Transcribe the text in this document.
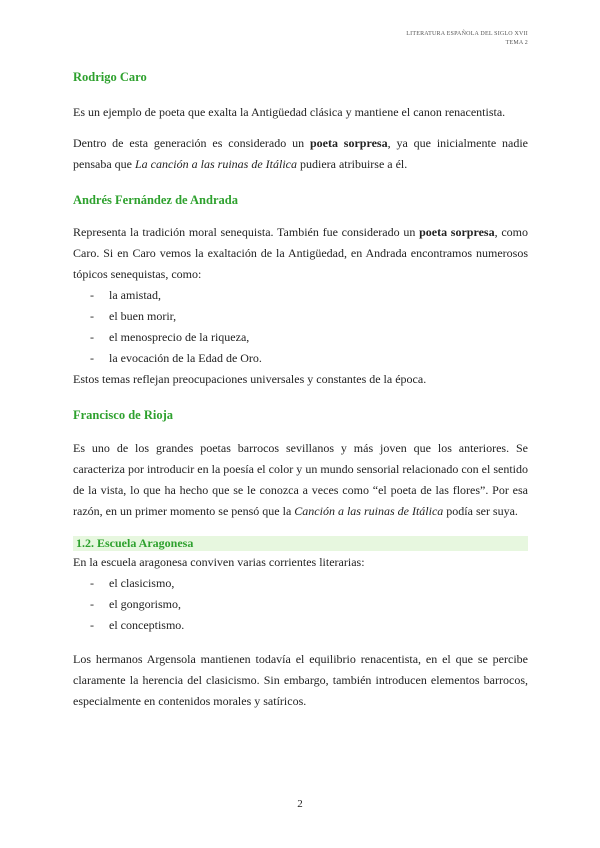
LITERATURA ESPAÑOLA DEL SIGLO XVII
TEMA 2
Rodrigo Caro

Es un ejemplo de poeta que exalta la Antigüedad clásica y mantiene el canon renacentista.

Dentro de esta generación es considerado un poeta sorpresa, ya que inicialmente nadie pensaba que La canción a las ruinas de Itálica pudiera atribuirse a él.

Andrés Fernández de Andrada

Representa la tradición moral senequista. También fue considerado un poeta sorpresa, como Caro. Si en Caro vemos la exaltación de la Antigüedad, en Andrada encontramos numerosos tópicos senequistas, como:

- la amistad,
- el buen morir,
- el menosprecio de la riqueza,
- la evocación de la Edad de Oro.

Estos temas reflejan preocupaciones universales y constantes de la época.

Francisco de Rioja

Es uno de los grandes poetas barrocos sevillanos y más joven que los anteriores. Se caracteriza por introducir en la poesía el color y un mundo sensorial relacionado con el sentido de la vista, lo que ha hecho que se le conozca a veces como “el poeta de las flores”. Por esa razón, en un primer momento se pensó que la Canción a las ruinas de Itálica podía ser suya.

1.2. Escuela Aragonesa

En la escuela aragonesa conviven varias corrientes literarias:

- el clasicismo,
- el gongorismo,
- el conceptismo.

Los hermanos Argensola mantienen todavía el equilibrio renacentista, en el que se percibe claramente la herencia del clasicismo. Sin embargo, también introducen elementos barrocos, especialmente en contenidos morales y satíricos.

2
